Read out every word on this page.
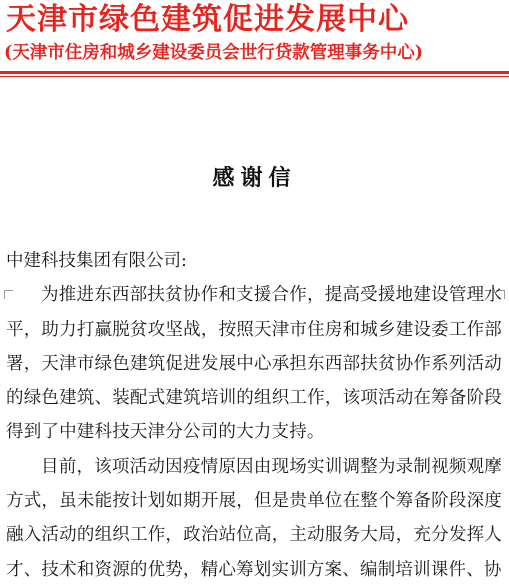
天津市绿色建筑促进发展中心
(天津市住房和城乡建设委员会世行贷款管理事务中心)
感谢信

中建科技集团有限公司:

为推进东西部扶贫协作和支援合作，提高受援地建设管理水平，助力打赢脱贫攻坚战，按照天津市住房和城乡建设委工作部署，天津市绿色建筑促进发展中心承担东西部扶贫协作系列活动的绿色建筑、装配式建筑培训的组织工作，该项活动在筹备阶段得到了中建科技天津分公司的大力支持。

目前，该项活动因疫情原因由现场实训调整为录制视频观摩方式，虽未能按计划如期开展，但是贵单位在整个筹备阶段深度融入活动的组织工作，政治站位高，主动服务大局，充分发挥人才、技术和资源的优势，精心筹划实训方案、编制培训课件、协
